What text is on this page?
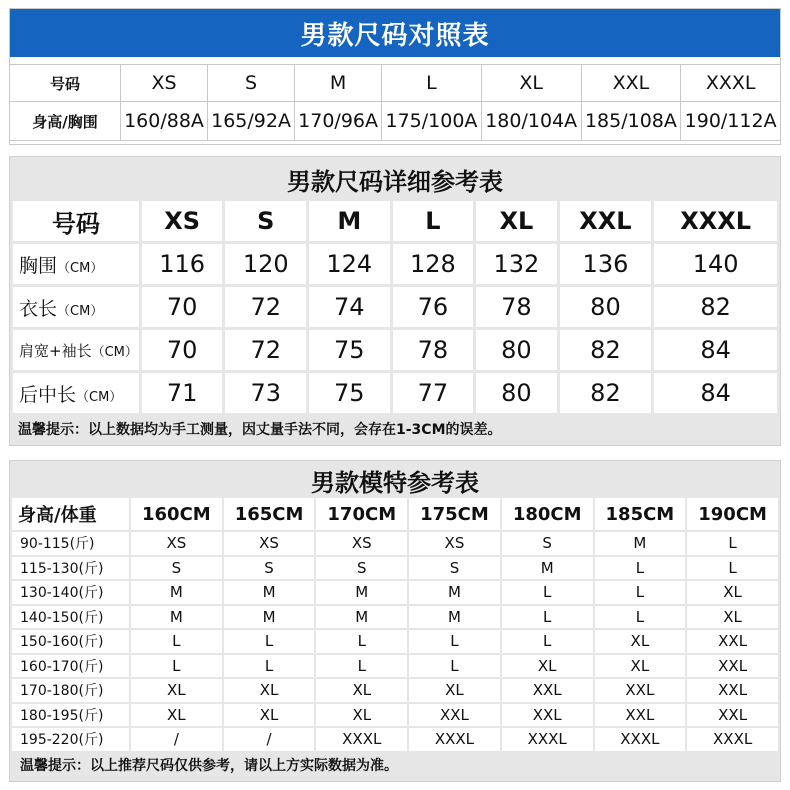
男款尺码对照表
号码	XS	S	M	L	XL	XXL	XXXL
身高/胸围	160/88A	165/92A	170/96A	175/100A	180/104A	185/108A	190/112A
男款尺码详细参考表
号码	XS	S	M	L	XL	XXL	XXXL
胸围（CM）	116	120	124	128	132	136	140
衣长（CM）	70	72	74	76	78	80	82
肩宽+袖长（CM）	70	72	75	78	80	82	84
后中长（CM）	71	73	75	77	80	82	84
温馨提示：以上数据均为手工测量，因丈量手法不同，会存在1-3CM的误差。
男款模特参考表
身高/体重	160CM	165CM	170CM	175CM	180CM	185CM	190CM
90-115(斤)	XS	XS	XS	XS	S	M	L
115-130(斤)	S	S	S	S	M	L	L
130-140(斤)	M	M	M	M	L	L	XL
140-150(斤)	M	M	M	M	L	L	XL
150-160(斤)	L	L	L	L	L	XL	XXL
160-170(斤)	L	L	L	L	XL	XL	XXL
170-180(斤)	XL	XL	XL	XL	XXL	XXL	XXL
180-195(斤)	XL	XL	XL	XXL	XXL	XXL	XXL
195-220(斤)	/	/	XXXL	XXXL	XXXL	XXXL	XXXL
温馨提示：以上推荐尺码仅供参考，请以上方实际数据为准。
